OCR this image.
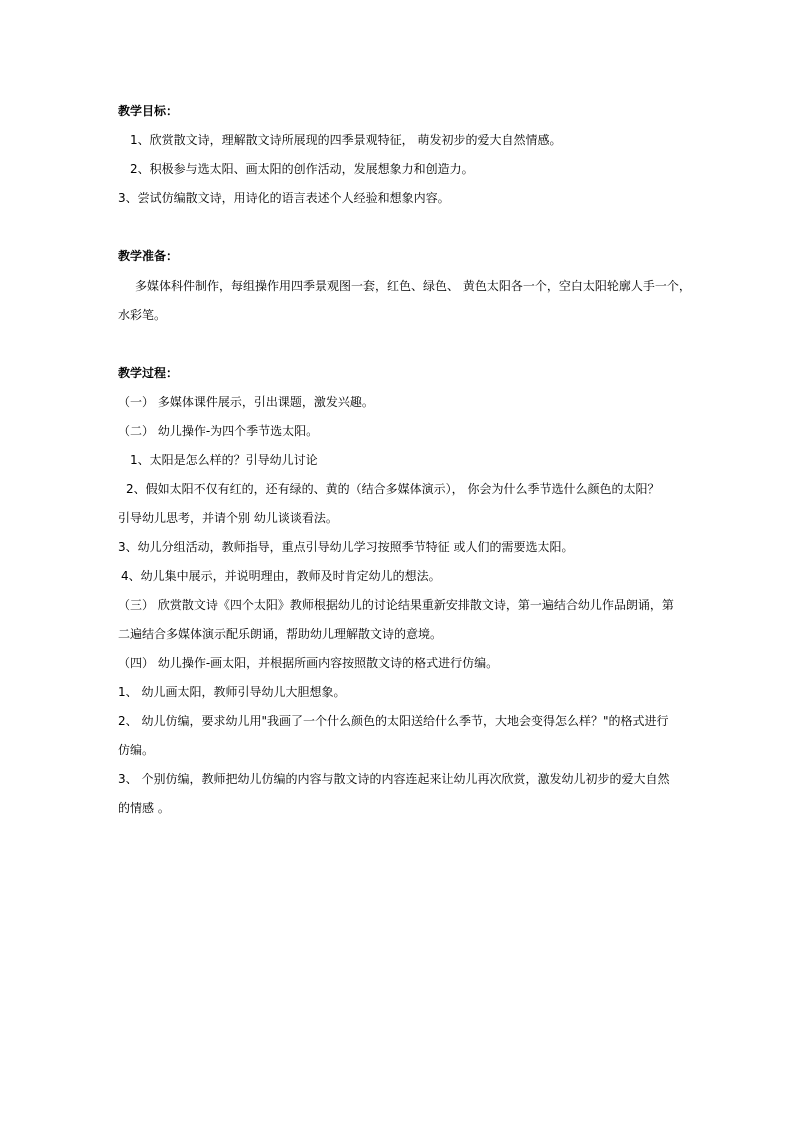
教学目标：
1、欣赏散文诗，理解散文诗所展现的四季景观特征， 萌发初步的爱大自然情感。
2、积极参与选太阳、画太阳的创作活动，发展想象力和创造力。
3、尝试仿编散文诗，用诗化的语言表述个人经验和想象内容。
教学准备：
多媒体科件制作，每组操作用四季景观图一套，红色、绿色、 黄色太阳各一个，空白太阳轮廓人手一个，
水彩笔。
教学过程：
（一） 多媒体课件展示，引出课题，激发兴趣。
（二） 幼儿操作-为四个季节选太阳。
1、太阳是怎么样的？引导幼儿讨论
2、假如太阳不仅有红的，还有绿的、黄的（结合多媒体演示）， 你会为什么季节选什么颜色的太阳？
引导幼儿思考，并请个别 幼儿谈谈看法。
3、幼儿分组活动，教师指导，重点引导幼儿学习按照季节特征 或人们的需要选太阳。
4、幼儿集中展示，并说明理由，教师及时肯定幼儿的想法。
（三） 欣赏散文诗《四个太阳》教师根据幼儿的讨论结果重新安排散文诗，第一遍结合幼儿作品朗诵，第
二遍结合多媒体演示配乐朗诵，帮助幼儿理解散文诗的意境。
（四） 幼儿操作-画太阳，并根据所画内容按照散文诗的格式进行仿编。
1、 幼儿画太阳，教师引导幼儿大胆想象。
2、 幼儿仿编，要求幼儿用"我画了一个什么颜色的太阳送给什么季节，大地会变得怎么样？"的格式进行
仿编。
3、 个别仿编，教师把幼儿仿编的内容与散文诗的内容连起来让幼儿再次欣赏，激发幼儿初步的爱大自然
的情感 。
